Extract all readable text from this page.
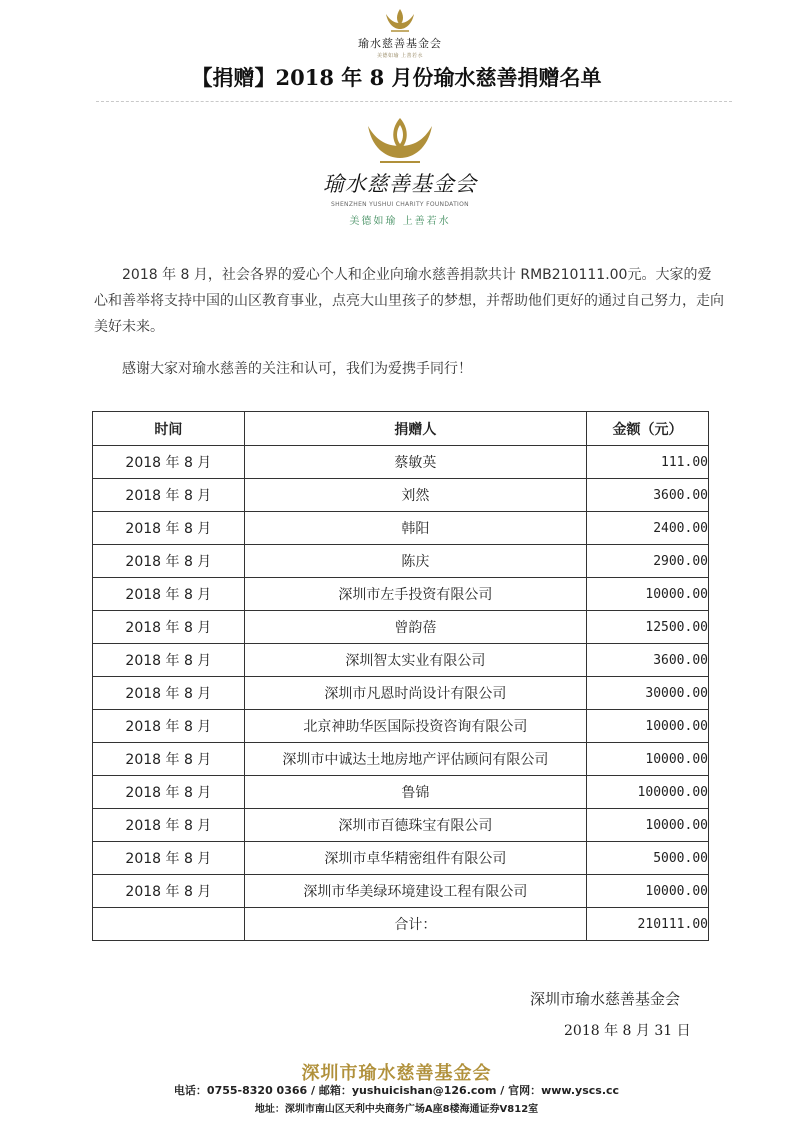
瑜水慈善基金会
美德如瑜 上善若水
【捐赠】2018 年 8 月份瑜水慈善捐赠名单
瑜水慈善基金会
SHENZHEN YUSHUI CHARITY FOUNDATION
美德如瑜 上善若水

2018 年 8 月，社会各界的爱心个人和企业向瑜水慈善捐款共计 RMB210111.00元。大家的爱心和善举将支持中国的山区教育事业，点亮大山里孩子的梦想，并帮助他们更好的通过自己努力，走向美好未来。

感谢大家对瑜水慈善的关注和认可，我们为爱携手同行！

时间	捐赠人	金额（元）
2018 年 8 月	蔡敏英	111.00
2018 年 8 月	刘然	3600.00
2018 年 8 月	韩阳	2400.00
2018 年 8 月	陈庆	2900.00
2018 年 8 月	深圳市左手投资有限公司	10000.00
2018 年 8 月	曾韵蓓	12500.00
2018 年 8 月	深圳智太实业有限公司	3600.00
2018 年 8 月	深圳市凡恩时尚设计有限公司	30000.00
2018 年 8 月	北京神助华医国际投资咨询有限公司	10000.00
2018 年 8 月	深圳市中诚达土地房地产评估顾问有限公司	10000.00
2018 年 8 月	鲁锦	100000.00
2018 年 8 月	深圳市百德珠宝有限公司	10000.00
2018 年 8 月	深圳市卓华精密组件有限公司	5000.00
2018 年 8 月	深圳市华美绿环境建设工程有限公司	10000.00
	合计：	210111.00
深圳市瑜水慈善基金会
2018 年 8 月 31 日
深圳市瑜水慈善基金会
电话：0755-8320 0366 / 邮箱：yushuicishan@126.com / 官网：www.yscs.cc
地址：深圳市南山区天利中央商务广场A座8楼海通证券V812室
